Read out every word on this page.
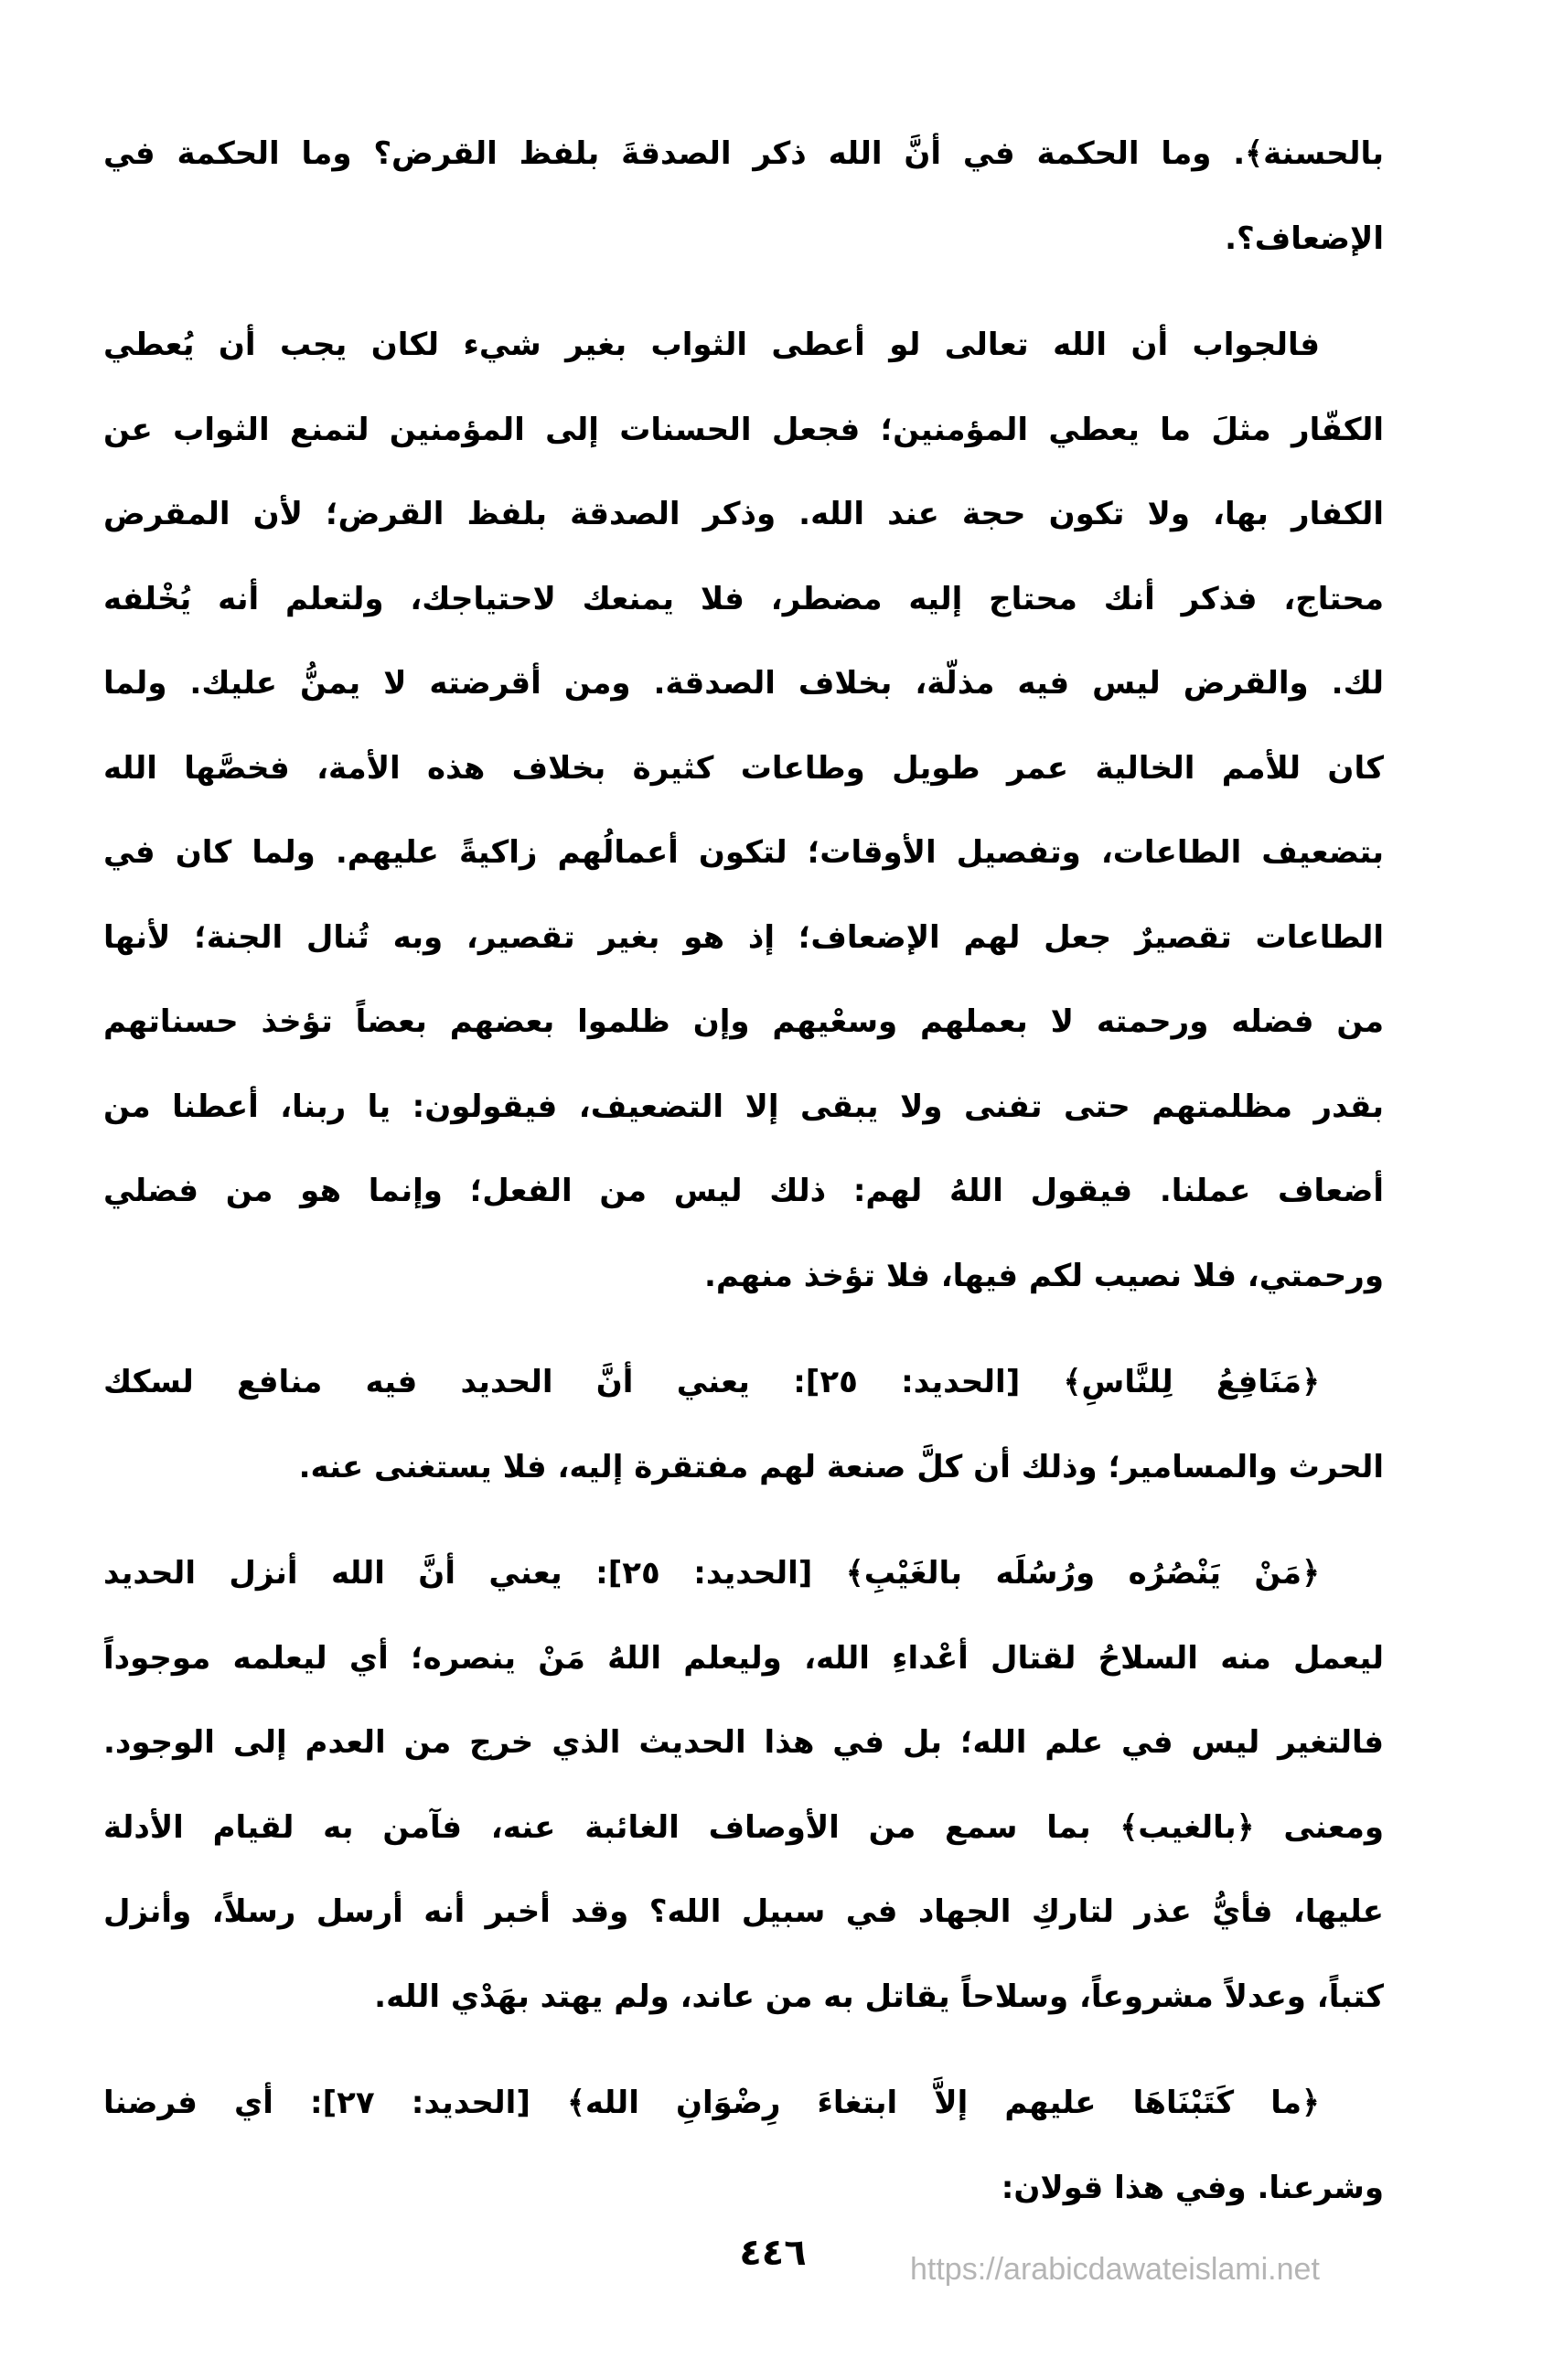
بالحسنة﴾. وما الحكمة في أنَّ الله ذكر الصدقةَ بلفظ القرض؟ وما الحكمة في
الإضعاف؟.
فالجواب أن الله تعالى لو أعطى الثواب بغير شيء لكان يجب أن يُعطي
الكفّار مثلَ ما يعطي المؤمنين؛ فجعل الحسنات إلى المؤمنين لتمنع الثواب عن
الكفار بها، ولا تكون حجة عند الله. وذكر الصدقة بلفظ القرض؛ لأن المقرض
محتاج، فذكر أنك محتاج إليه مضطر، فلا يمنعك لاحتياجك، ولتعلم أنه يُخْلفه
لك. والقرض ليس فيه مذلّة، بخلاف الصدقة. ومن أقرضته لا يمنُّ عليك. ولما
كان للأمم الخالية عمر طويل وطاعات كثيرة بخلاف هذه الأمة، فخصَّها الله
بتضعيف الطاعات، وتفصيل الأوقات؛ لتكون أعمالُهم زاكيةً عليهم. ولما كان في
الطاعات تقصيرٌ جعل لهم الإضعاف؛ إذ هو بغير تقصير، وبه تُنال الجنة؛ لأنها
من فضله ورحمته لا بعملهم وسعْيهم وإن ظلموا بعضهم بعضاً تؤخذ حسناتهم
بقدر مظلمتهم حتى تفنى ولا يبقى إلا التضعيف، فيقولون: يا ربنا، أعطنا من
أضعاف عملنا. فيقول اللهُ لهم: ذلك ليس من الفعل؛ وإنما هو من فضلي
ورحمتي، فلا نصيب لكم فيها، فلا تؤخذ منهم.
﴿مَنَافِعُ لِلنَّاسِ﴾ [الحديد: ٢٥]: يعني أنَّ الحديد فيه منافع لسكك
الحرث والمسامير؛ وذلك أن كلَّ صنعة لهم مفتقرة إليه، فلا يستغنى عنه.
﴿مَنْ يَنْصُرُه ورُسُلَه بالغَيْبِ﴾ [الحديد: ٢٥]: يعني أنَّ الله أنزل الحديد
ليعمل منه السلاحُ لقتال أعْداءِ الله، وليعلم اللهُ مَنْ ينصره؛ أي ليعلمه موجوداً
فالتغير ليس في علم الله؛ بل في هذا الحديث الذي خرج من العدم إلى الوجود.
ومعنى ﴿بالغيب﴾ بما سمع من الأوصاف الغائبة عنه، فآمن به لقيام الأدلة
عليها، فأيُّ عذر لتاركِ الجهاد في سبيل الله؟ وقد أخبر أنه أرسل رسلاً، وأنزل
كتباً، وعدلاً مشروعاً، وسلاحاً يقاتل به من عاند، ولم يهتد بهَدْي الله.
﴿ما كَتَبْنَاهَا عليهم إلاَّ ابتغاءَ رِضْوَانِ الله﴾ [الحديد: ٢٧]: أي فرضنا
وشرعنا. وفي هذا قولان:
٤٤٦	https://arabicdawateislami.net
